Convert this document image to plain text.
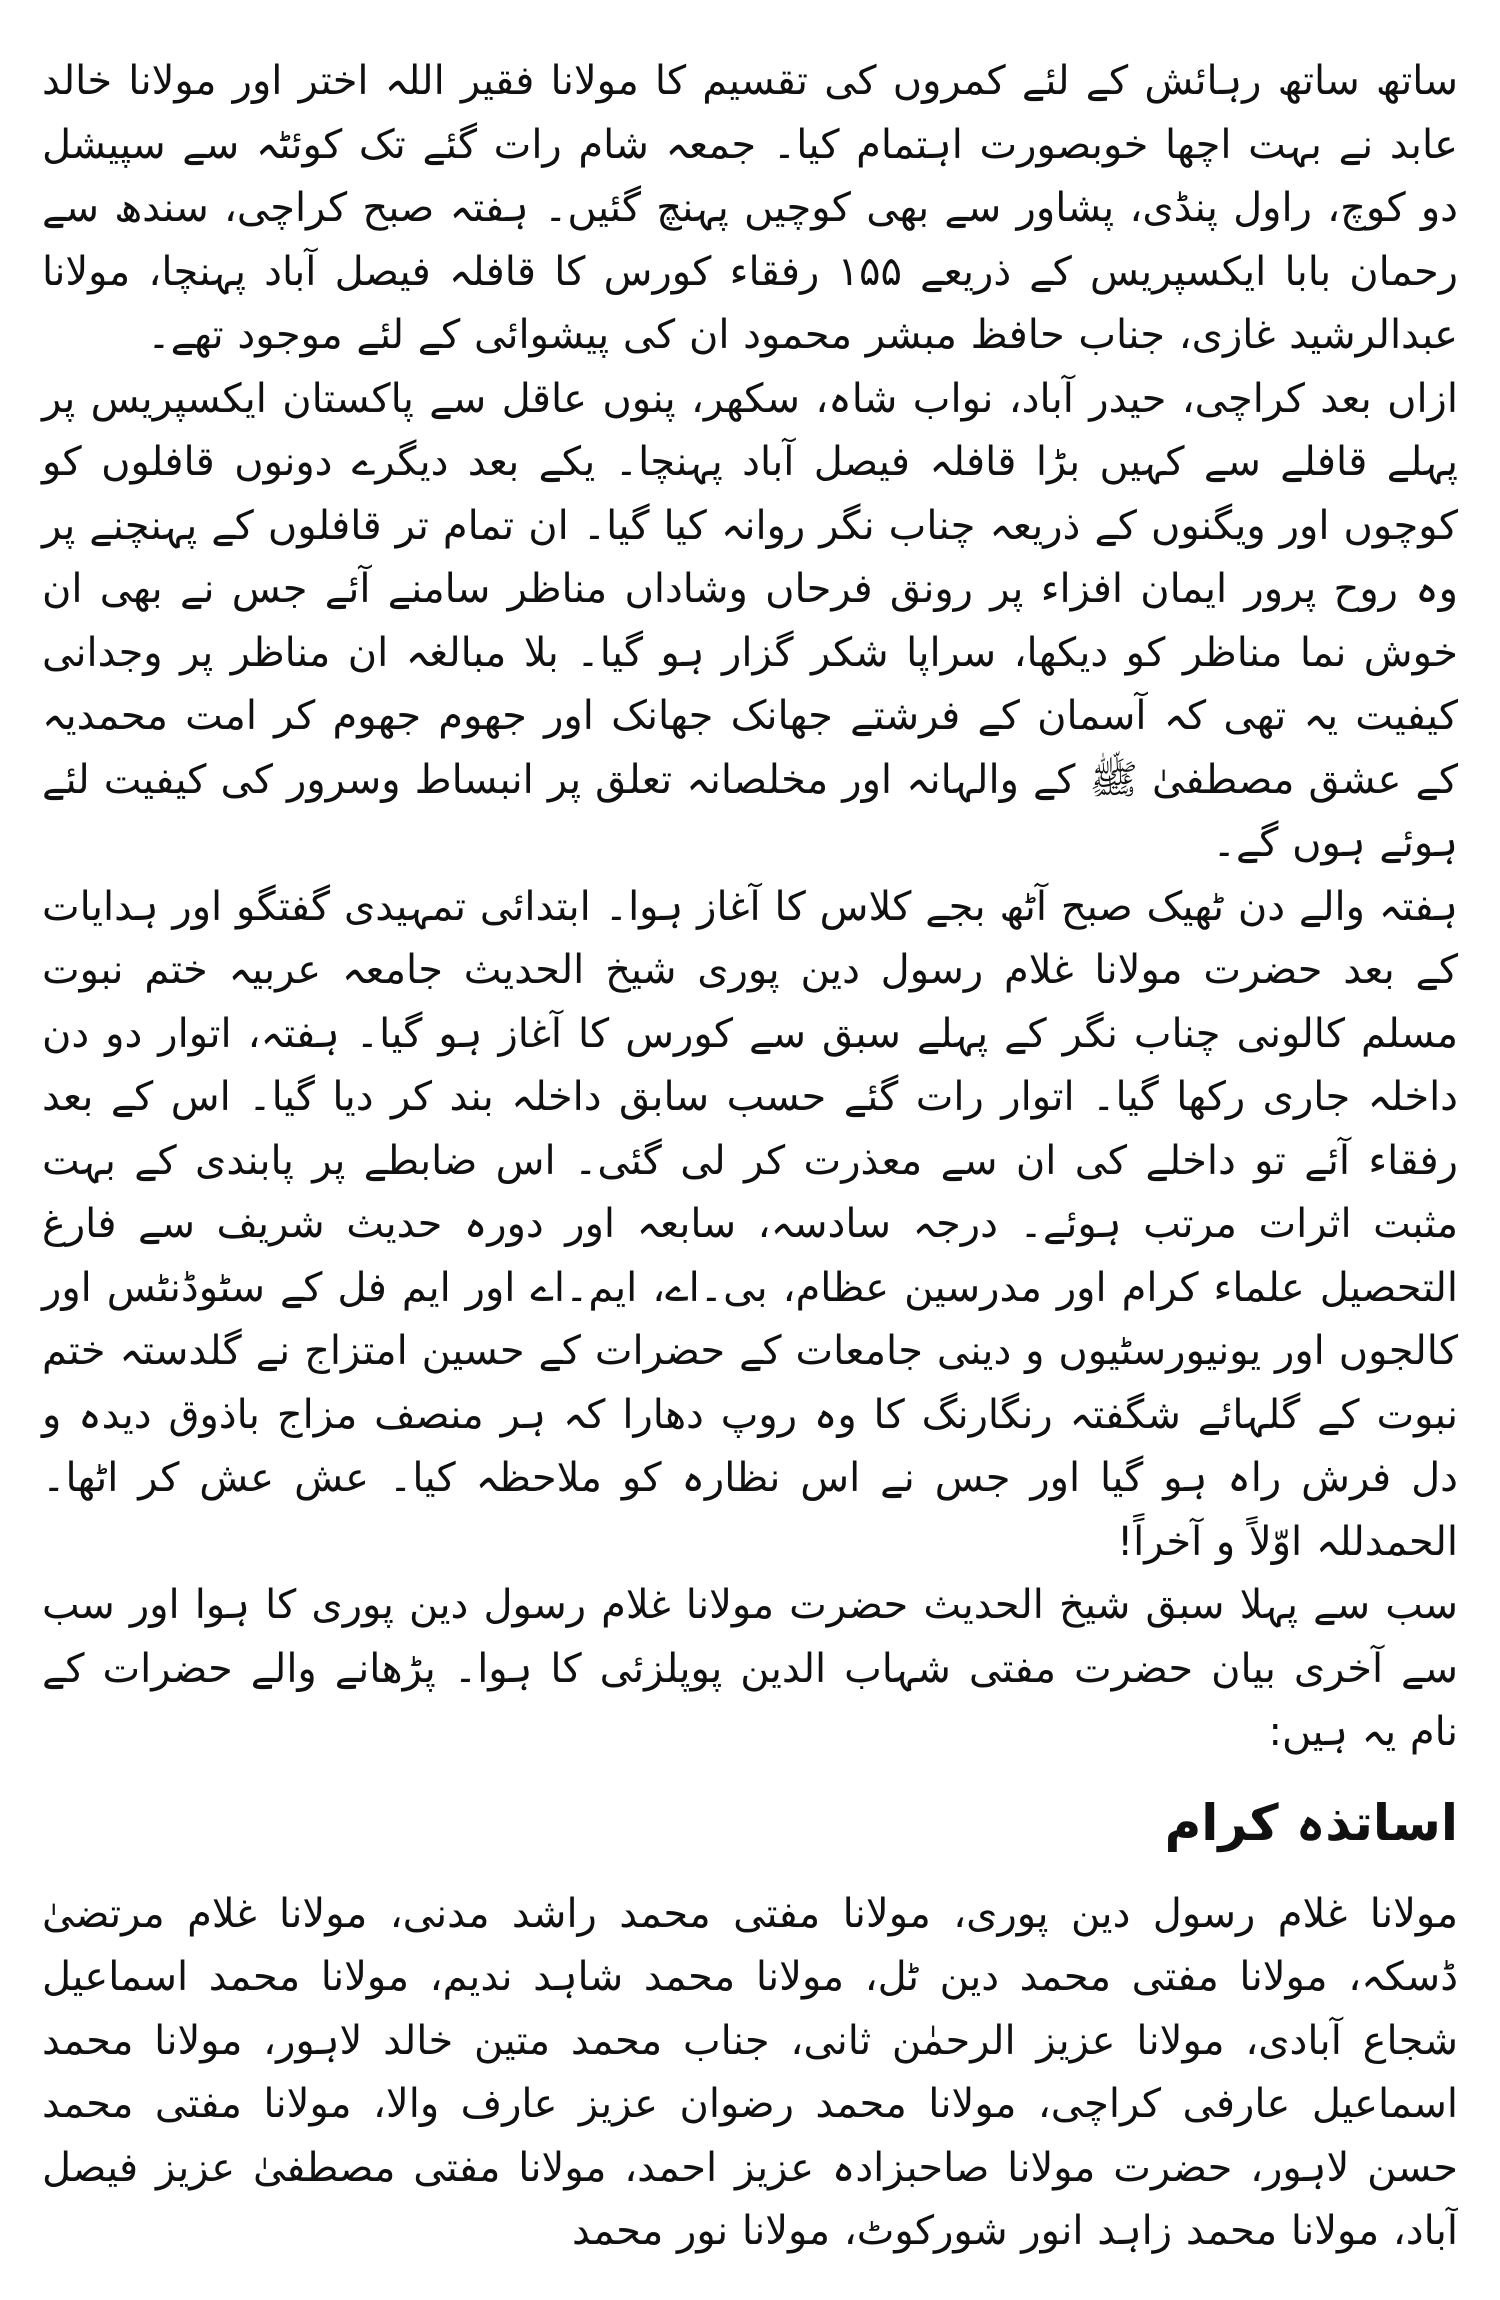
ساتھ ساتھ رہائش کے لئے کمروں کی تقسیم کا مولانا فقیر اللہ اختر اور مولانا خالد عابد نے بہت اچھا خوبصورت اہتمام کیا۔ جمعہ شام رات گئے تک کوئٹہ سے سپیشل دو کوچ، راول پنڈی، پشاور سے بھی کوچیں پہنچ گئیں۔ ہفتہ صبح کراچی، سندھ سے رحمان بابا ایکسپریس کے ذریعے ۱۵۵ رفقاء کورس کا قافلہ فیصل آباد پہنچا، مولانا عبدالرشید غازی، جناب حافظ مبشر محمود ان کی پیشوائی کے لئے موجود تھے۔

ازاں بعد کراچی، حیدر آباد، نواب شاہ، سکھر، پنوں عاقل سے پاکستان ایکسپریس پر پہلے قافلے سے کہیں بڑا قافلہ فیصل آباد پہنچا۔ یکے بعد دیگرے دونوں قافلوں کو کوچوں اور ویگنوں کے ذریعہ چناب نگر روانہ کیا گیا۔ ان تمام تر قافلوں کے پہنچنے پر وہ روح پرور ایمان افزاء پر رونق فرحاں وشاداں مناظر سامنے آئے جس نے بھی ان خوش نما مناظر کو دیکھا، سراپا شکر گزار ہو گیا۔ بلا مبالغہ ان مناظر پر وجدانی کیفیت یہ تھی کہ آسمان کے فرشتے جھانک جھانک اور جھوم جھوم کر امت محمدیہ کے عشق مصطفیٰ ﷺ کے والہانہ اور مخلصانہ تعلق پر انبساط وسرور کی کیفیت لئے ہوئے ہوں گے۔

ہفتہ والے دن ٹھیک صبح آٹھ بجے کلاس کا آغاز ہوا۔ ابتدائی تمہیدی گفتگو اور ہدایات کے بعد حضرت مولانا غلام رسول دین پوری شیخ الحدیث جامعہ عربیہ ختم نبوت مسلم کالونی چناب نگر کے پہلے سبق سے کورس کا آغاز ہو گیا۔ ہفتہ، اتوار دو دن داخلہ جاری رکھا گیا۔ اتوار رات گئے حسب سابق داخلہ بند کر دیا گیا۔ اس کے بعد رفقاء آئے تو داخلے کی ان سے معذرت کر لی گئی۔ اس ضابطے پر پابندی کے بہت مثبت اثرات مرتب ہوئے۔ درجہ سادسہ، سابعہ اور دورہ حدیث شریف سے فارغ التحصیل علماء کرام اور مدرسین عظام، بی۔اے، ایم۔اے اور ایم فل کے سٹوڈنٹس اور کالجوں اور یونیورسٹیوں و دینی جامعات کے حضرات کے حسین امتزاج نے گلدستہ ختم نبوت کے گلہائے شگفتہ رنگارنگ کا وہ روپ دھارا کہ ہر منصف مزاج باذوق دیدہ و دل فرش راہ ہو گیا اور جس نے اس نظارہ کو ملاحظہ کیا۔ عش عش کر اٹھا۔ الحمدللہ اوّلاً و آخراً!

سب سے پہلا سبق شیخ الحدیث حضرت مولانا غلام رسول دین پوری کا ہوا اور سب سے آخری بیان حضرت مفتی شہاب الدین پوپلزئی کا ہوا۔ پڑھانے والے حضرات کے نام یہ ہیں:

اساتذہ کرام

مولانا غلام رسول دین پوری، مولانا مفتی محمد راشد مدنی، مولانا غلام مرتضیٰ ڈسکہ، مولانا مفتی محمد دین ٹل، مولانا محمد شاہد ندیم، مولانا محمد اسماعیل شجاع آبادی، مولانا عزیز الرحمٰن ثانی، جناب محمد متین خالد لاہور، مولانا محمد اسماعیل عارفی کراچی، مولانا محمد رضوان عزیز عارف والا، مولانا مفتی محمد حسن لاہور، حضرت مولانا صاحبزادہ عزیز احمد، مولانا مفتی مصطفیٰ عزیز فیصل آباد، مولانا محمد زاہد انور شورکوٹ، مولانا نور محمد
